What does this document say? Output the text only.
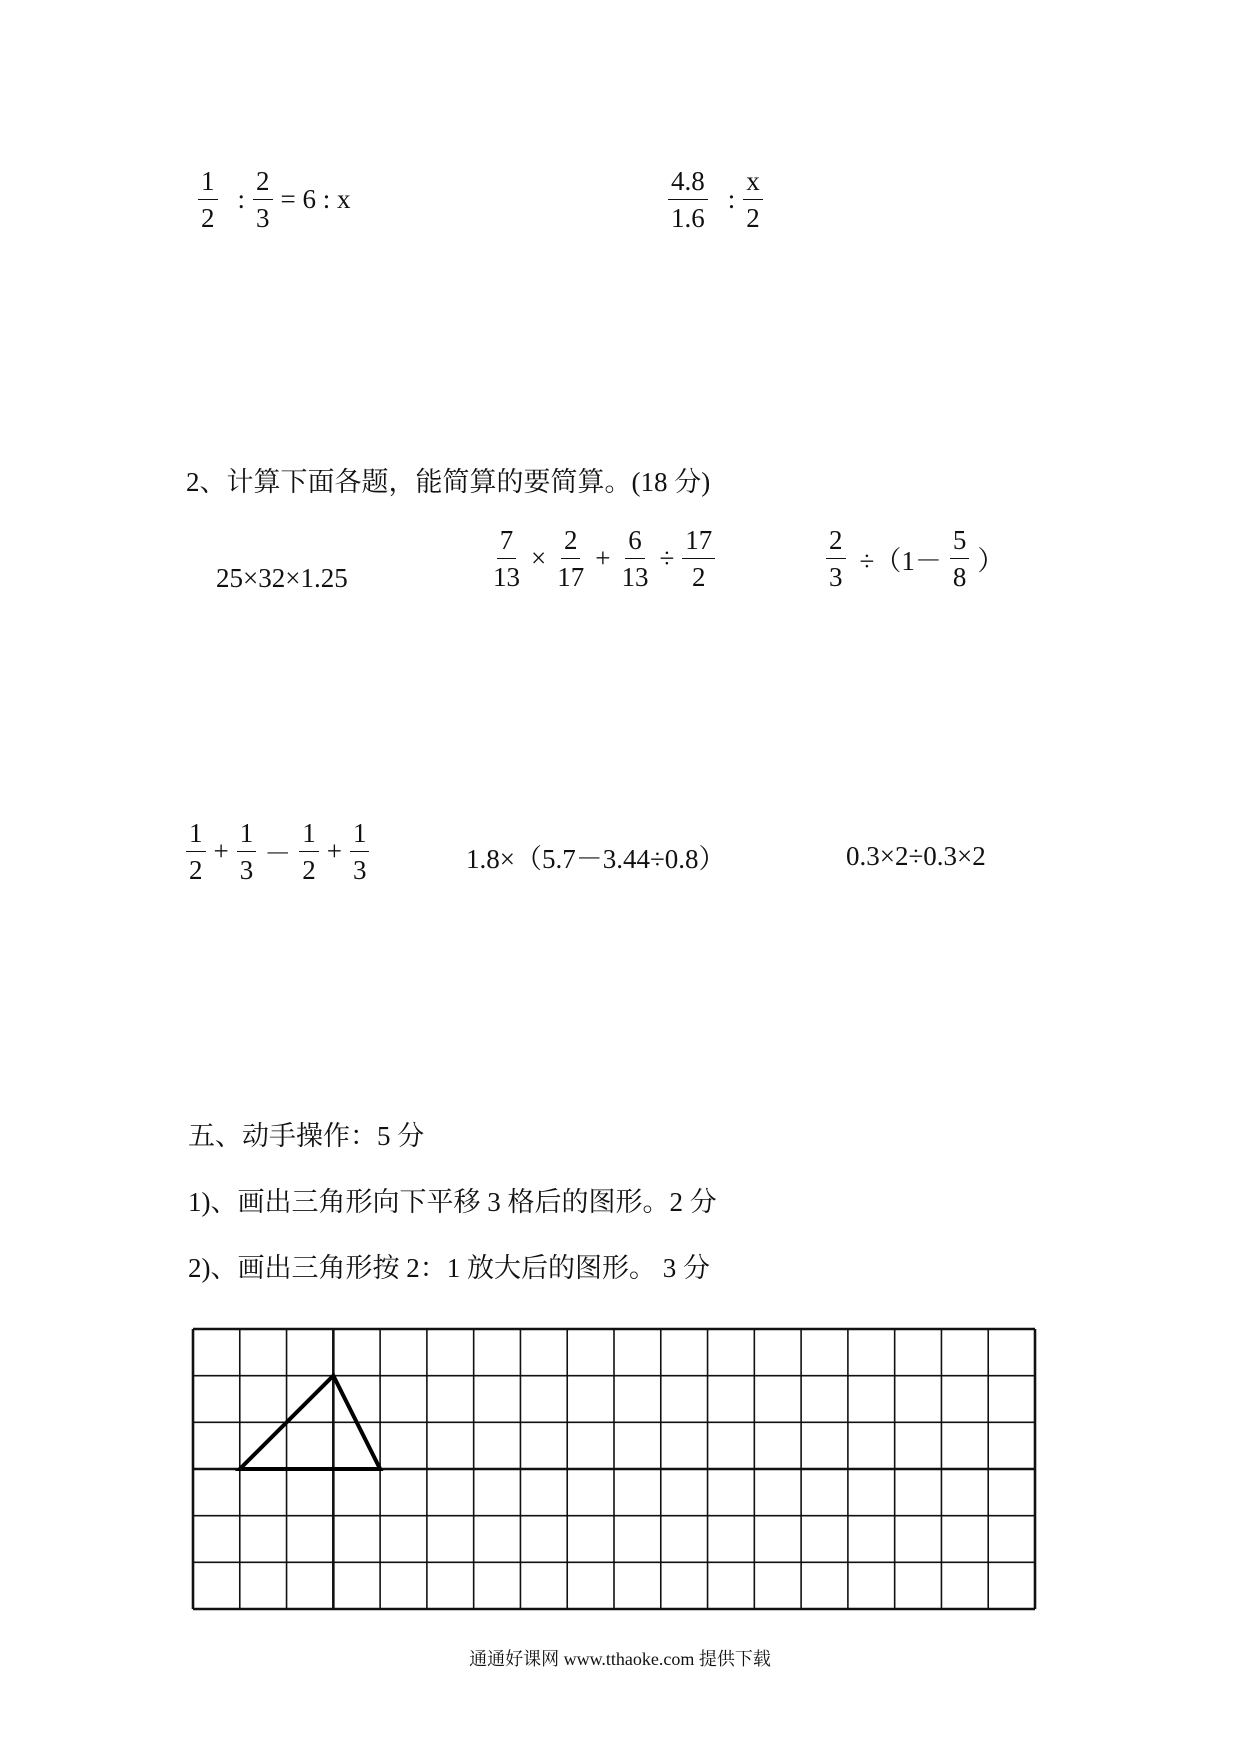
$\frac{1}{2}$ : $\frac{2}{3} = 6$ : x	$\frac{4.8}{1.6}$ : $\frac{x}{2}$
2、计算下面各题，能简算的要简算。(18 分)
25×32×1.25	$\frac{7}{13} \times \frac{2}{17} + \frac{6}{13} \div \frac{17}{2}$	$\frac{2}{3} \div(1- \frac{5}{8}$ ）
$\frac{1}{2} + \frac{1}{3} - \frac{1}{2} + \frac{1}{3}$	1.8×（5.7－3.44÷0.8）	0.3×2÷0.3×2
五、动手操作：5 分
1)、画出三角形向下平移 3 格后的图形。2 分
2)、画出三角形按 2：1 放大后的图形。 3 分
通通好课网 www.tthaoke.com 提供下载
